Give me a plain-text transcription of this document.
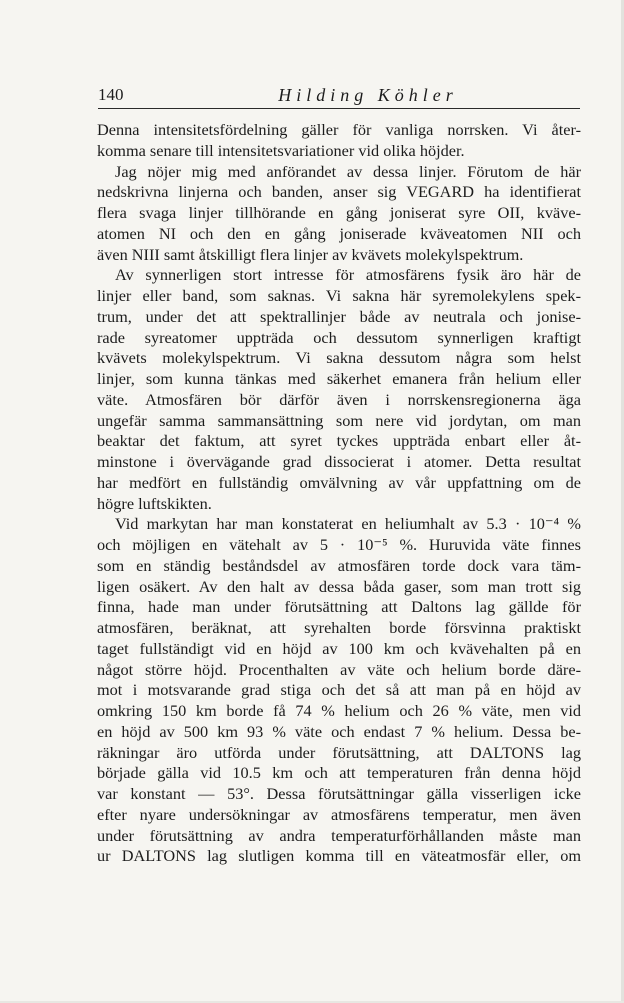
140	Hilding Köhler
Denna intensitetsfördelning gäller för vanliga norrsken. Vi åter-
komma senare till intensitetsvariationer vid olika höjder.
Jag nöjer mig med anförandet av dessa linjer. Förutom de här
nedskrivna linjerna och banden, anser sig VEGARD ha identifierat
flera svaga linjer tillhörande en gång joniserat syre OII, kväve-
atomen NI och den en gång joniserade kväveatomen NII och
även NIII samt åtskilligt flera linjer av kvävets molekylspektrum.
Av synnerligen stort intresse för atmosfärens fysik äro här de
linjer eller band, som saknas. Vi sakna här syremolekylens spek-
trum, under det att spektrallinjer både av neutrala och jonise-
rade syreatomer uppträda och dessutom synnerligen kraftigt
kvävets molekylspektrum. Vi sakna dessutom några som helst
linjer, som kunna tänkas med säkerhet emanera från helium eller
väte. Atmosfären bör därför även i norrskensregionerna äga
ungefär samma sammansättning som nere vid jordytan, om man
beaktar det faktum, att syret tyckes uppträda enbart eller åt-
minstone i övervägande grad dissocierat i atomer. Detta resultat
har medfört en fullständig omvälvning av vår uppfattning om de
högre luftskikten.
Vid markytan har man konstaterat en heliumhalt av 5.3 · 10⁻⁴ %
och möjligen en vätehalt av 5 · 10⁻⁵ %. Huruvida väte finnes
som en ständig beståndsdel av atmosfären torde dock vara täm-
ligen osäkert. Av den halt av dessa båda gaser, som man trott sig
finna, hade man under förutsättning att Daltons lag gällde för
atmosfären, beräknat, att syrehalten borde försvinna praktiskt
taget fullständigt vid en höjd av 100 km och kvävehalten på en
något större höjd. Procenthalten av väte och helium borde däre-
mot i motsvarande grad stiga och det så att man på en höjd av
omkring 150 km borde få 74 % helium och 26 % väte, men vid
en höjd av 500 km 93 % väte och endast 7 % helium. Dessa be-
räkningar äro utförda under förutsättning, att DALTONS lag
började gälla vid 10.5 km och att temperaturen från denna höjd
var konstant — 53°. Dessa förutsättningar gälla visserligen icke
efter nyare undersökningar av atmosfärens temperatur, men även
under förutsättning av andra temperaturförhållanden måste man
ur DALTONS lag slutligen komma till en väteatmosfär eller, om
